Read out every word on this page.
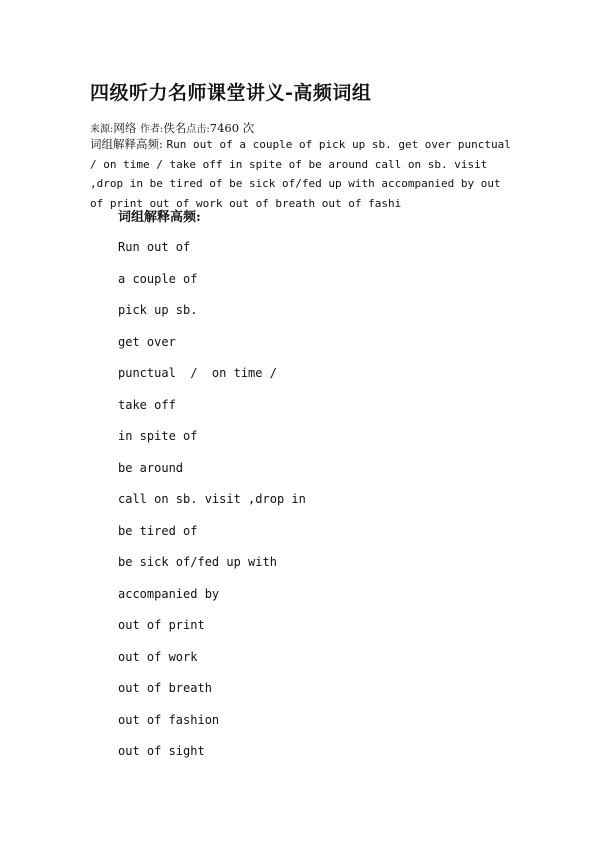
四级听力名师课堂讲义-高频词组
来源:网络 作者:佚名点击:7460 次
词组解释高频: Run out of a couple of pick up sb. get over punctual / on time / take off in spite of be around call on sb. visit ,drop in be tired of be sick of/fed up with accompanied by out of print out of work out of breath out of fashi
词组解释高频:
Run out of
a couple of
pick up sb.
get over
punctual  /  on time /
take off
in spite of
be around
call on sb. visit ,drop in
be tired of
be sick of/fed up with
accompanied by
out of print
out of work
out of breath
out of fashion
out of sight
